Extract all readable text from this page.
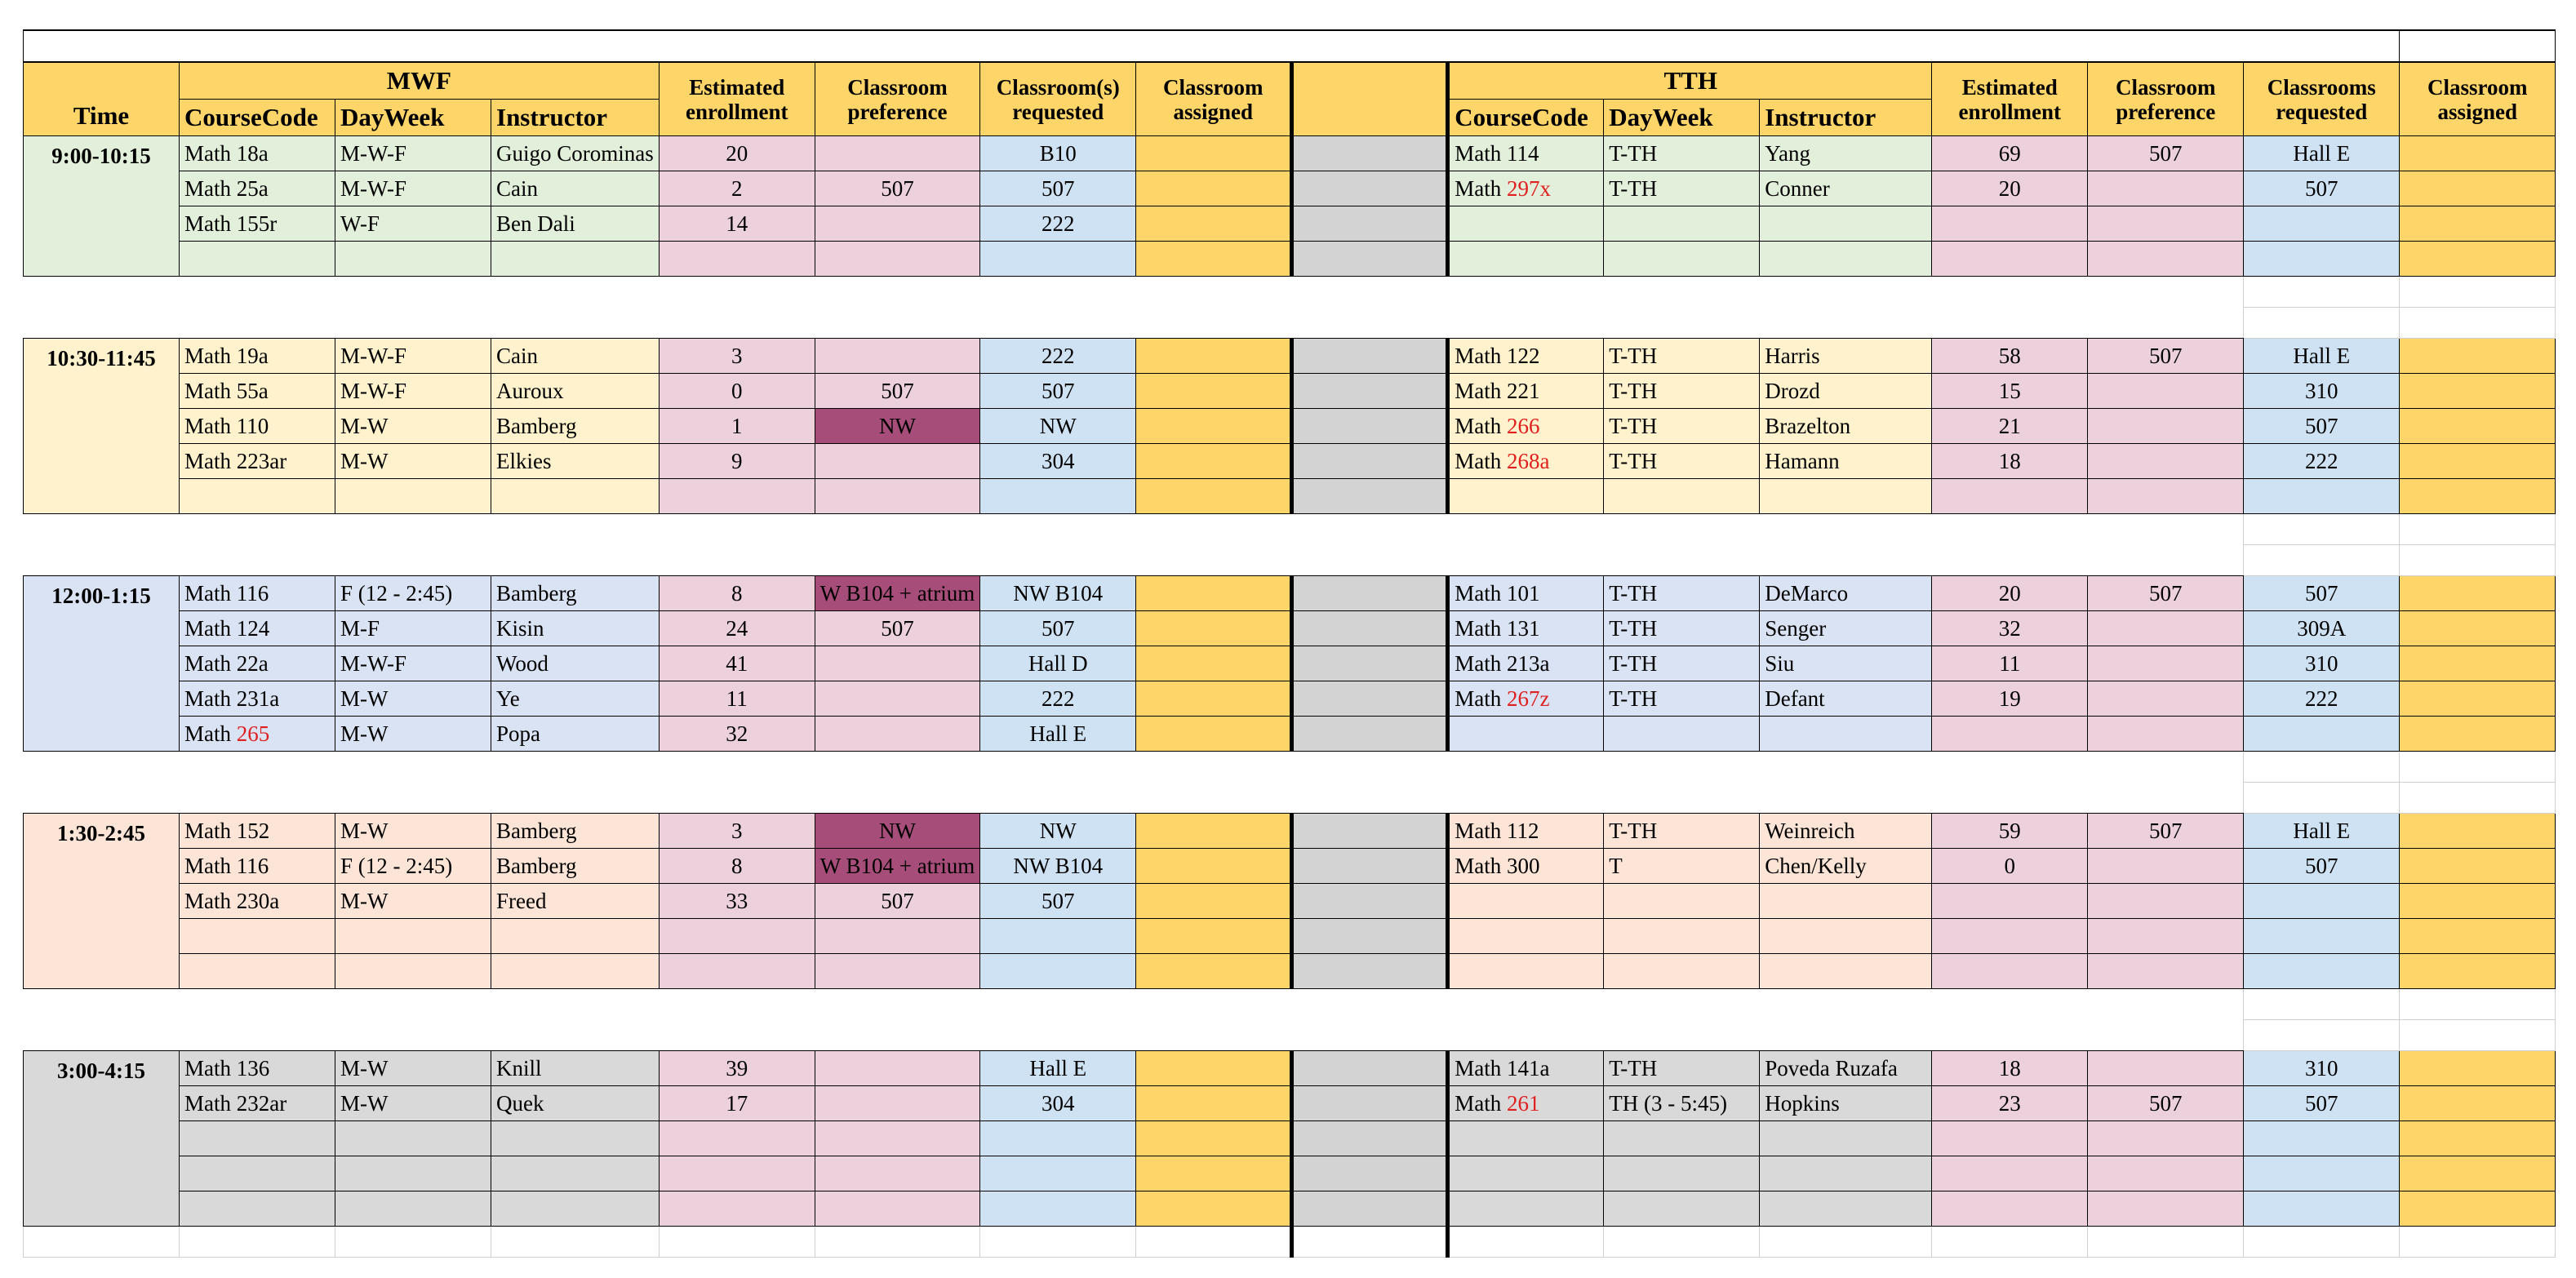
Time	MWF			Estimated enrollment	Classroom preference	Classroom(s) requested	Classroom assigned		TTH			Estimated enrollment	Classroom preference	Classrooms requested	Classroom assigned
	CourseCode	DayWeek	Instructor						CourseCode	DayWeek	Instructor				
9:00-10:15	Math 18a	M-W-F	Guigo Corominas	20		B10			Math 114	T-TH	Yang	69	507	Hall E	
	Math 25a	M-W-F	Cain	2	507	507			Math 297x	T-TH	Conner	20		507	
	Math 155r	W-F	Ben Dali	14		222									

10:30-11:45	Math 19a	M-W-F	Cain	3		222			Math 122	T-TH	Harris	58	507	Hall E	
	Math 55a	M-W-F	Auroux	0	507	507			Math 221	T-TH	Drozd	15		310	
	Math 110	M-W	Bamberg	1	NW	NW			Math 266	T-TH	Brazelton	21		507	
	Math 223ar	M-W	Elkies	9		304			Math 268a	T-TH	Hamann	18		222	

12:00-1:15	Math 116	F (12 - 2:45)	Bamberg	8	W B104 + atrium	NW B104			Math 101	T-TH	DeMarco	20	507	507	
	Math 124	M-F	Kisin	24	507	507			Math 131	T-TH	Senger	32		309A	
	Math 22a	M-W-F	Wood	41		Hall D			Math 213a	T-TH	Siu	11		310	
	Math 231a	M-W	Ye	11		222			Math 267z	T-TH	Defant	19		222	
	Math 265	M-W	Popa	32		Hall E									

1:30-2:45	Math 152	M-W	Bamberg	3	NW	NW			Math 112	T-TH	Weinreich	59	507	Hall E	
	Math 116	F (12 - 2:45)	Bamberg	8	W B104 + atrium	NW B104			Math 300	T	Chen/Kelly	0		507	
	Math 230a	M-W	Freed	33	507	507									

3:00-4:15	Math 136	M-W	Knill	39		Hall E			Math 141a	T-TH	Poveda Ruzafa	18		310	
	Math 232ar	M-W	Quek	17		304			Math 261	TH (3 - 5:45)	Hopkins	23	507	507	
